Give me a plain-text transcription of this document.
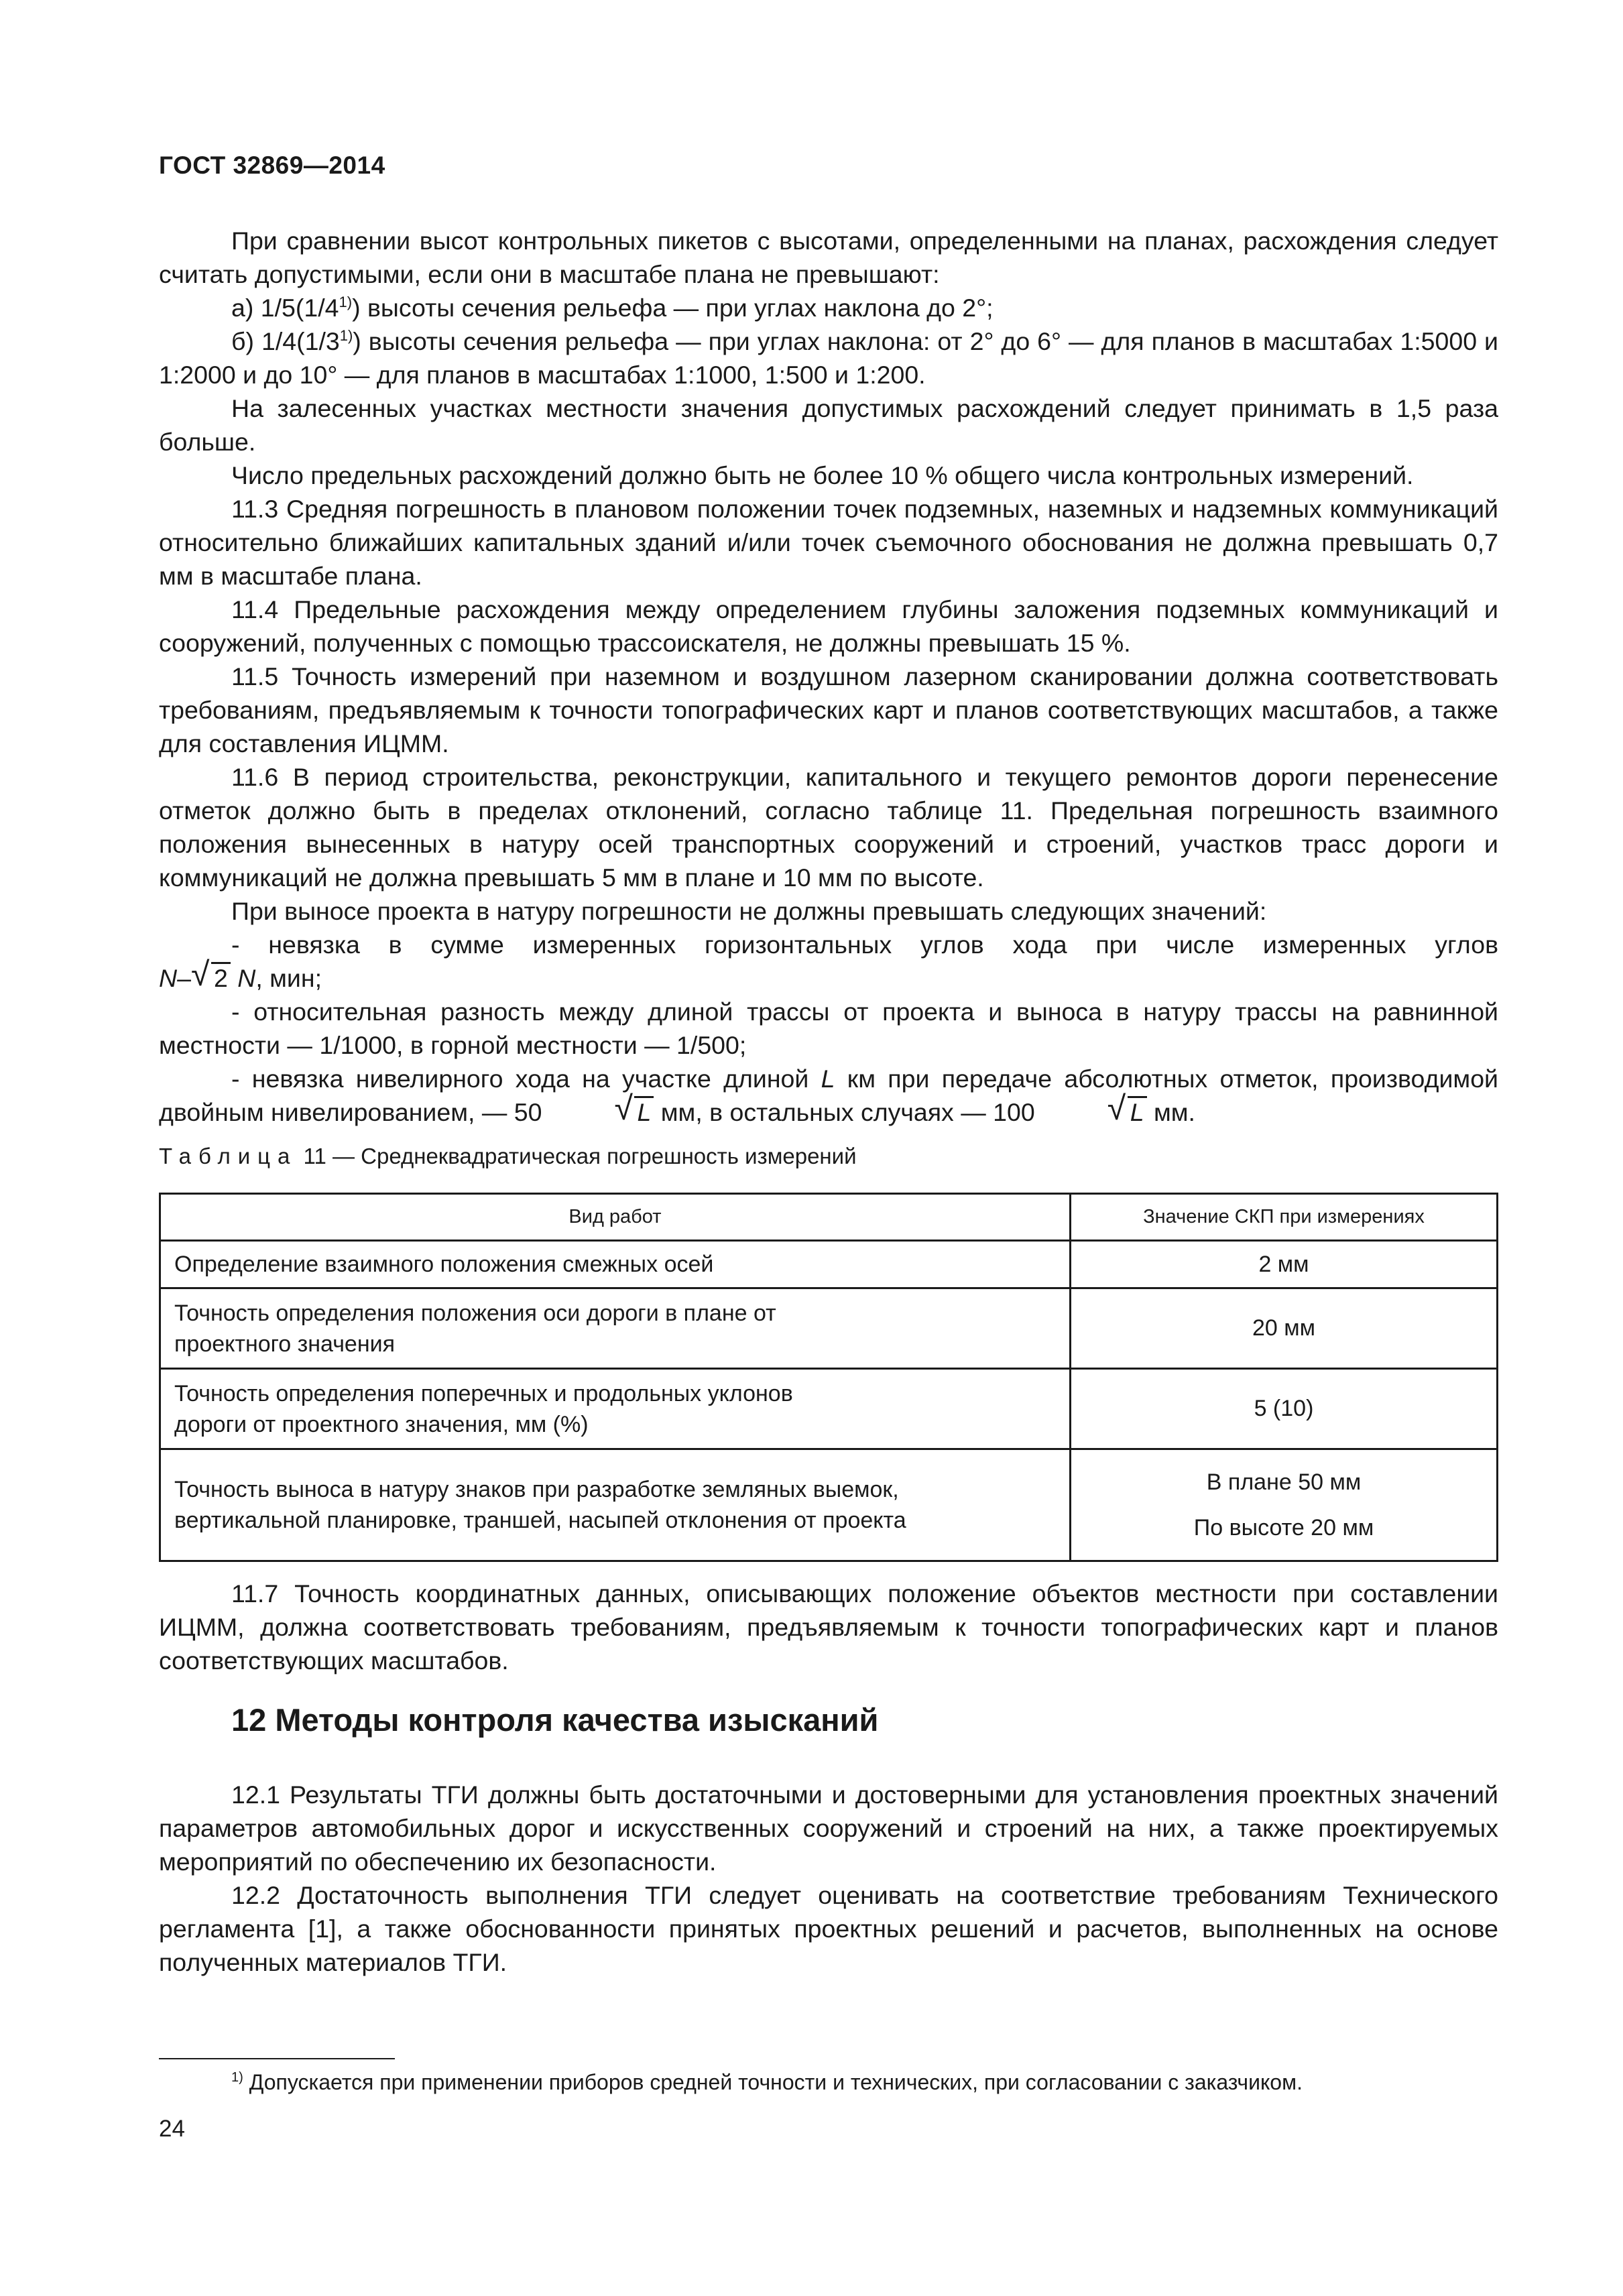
ГОСТ 32869—2014

При сравнении высот контрольных пикетов с высотами, определенными на планах, расхождения следует считать допустимыми, если они в масштабе плана не превышают:

а) 1/5(1/4$^{1)}$) высоты сечения рельефа — при углах наклона до 2°;

б) 1/4(1/3$^{1)}$) высоты сечения рельефа — при углах наклона: от 2° до 6° — для планов в масштабах 1:5000 и 1:2000 и до 10° — для планов в масштабах 1:1000, 1:500 и 1:200.

На залесенных участках местности значения допустимых расхождений следует принимать в 1,5 раза больше.

Число предельных расхождений должно быть не более 10 % общего числа контрольных измерений.

11.3 Средняя погрешность в плановом положении точек подземных, наземных и надземных коммуникаций относительно ближайших капитальных зданий и/или точек съемочного обоснования не должна превышать 0,7 мм в масштабе плана.

11.4 Предельные расхождения между определением глубины заложения подземных коммуникаций и сооружений, полученных с помощью трассоискателя, не должны превышать 15 %.

11.5 Точность измерений при наземном и воздушном лазерном сканировании должна соответствовать требованиям, предъявляемым к точности топографических карт и планов соответствующих масштабов, а также для составления ИЦММ.

11.6 В период строительства, реконструкции, капитального и текущего ремонтов дороги перенесение отметок должно быть в пределах отклонений, согласно таблице 11. Предельная погрешность взаимного положения вынесенных в натуру осей транспортных сооружений и строений, участков трасс дороги и коммуникаций не должна превышать 5 мм в плане и 10 мм по высоте.

При выносе проекта в натуру погрешности не должны превышать следующих значений:

- невязка в сумме измеренных горизонтальных углов хода при числе измеренных углов
N– √ 2 N, мин;

- относительная разность между длиной трассы от проекта и выноса в натуру трассы на равнинной местности — 1/1000, в горной местности — 1/500;

- невязка нивелирного хода на участке длиной L км при передаче абсолютных отметок, производимой двойным нивелированием, — 50	√ L мм, в остальных случаях — 100	√ L мм.

Таблица 11 — Среднеквадратическая погрешность измерений
Вид работ	Значение СКП при измерениях
Определение взаимного положения смежных осей	2 мм

Точность определения положения оси дороги в плане от проектного значения	20 мм

Точность определения поперечных и продольных уклонов дороги от проектного значения, мм (%)	5 (10)

Точность выноса в натуру знаков при разработке земляных выемок, вертикальной планировке, траншей, насыпей отклонения от проекта	В плане 50 мм
По высоте 20 мм

11.7 Точность координатных данных, описывающих положение объектов местности при составлении ИЦММ, должна соответствовать требованиям, предъявляемым к точности топографических карт и планов соответствующих масштабов.

12 Методы контроля качества изысканий

12.1 Результаты ТГИ должны быть достаточными и достоверными для установления проектных значений параметров автомобильных дорог и искусственных сооружений и строений на них, а также проектируемых мероприятий по обеспечению их безопасности.

12.2 Достаточность выполнения ТГИ следует оценивать на соответствие требованиям Технического регламента [1], а также обоснованности принятых проектных решений и расчетов, выполненных на основе полученных материалов ТГИ.

$^{1)}$ Допускается при применении приборов средней точности и технических, при согласовании с заказчиком.
24
